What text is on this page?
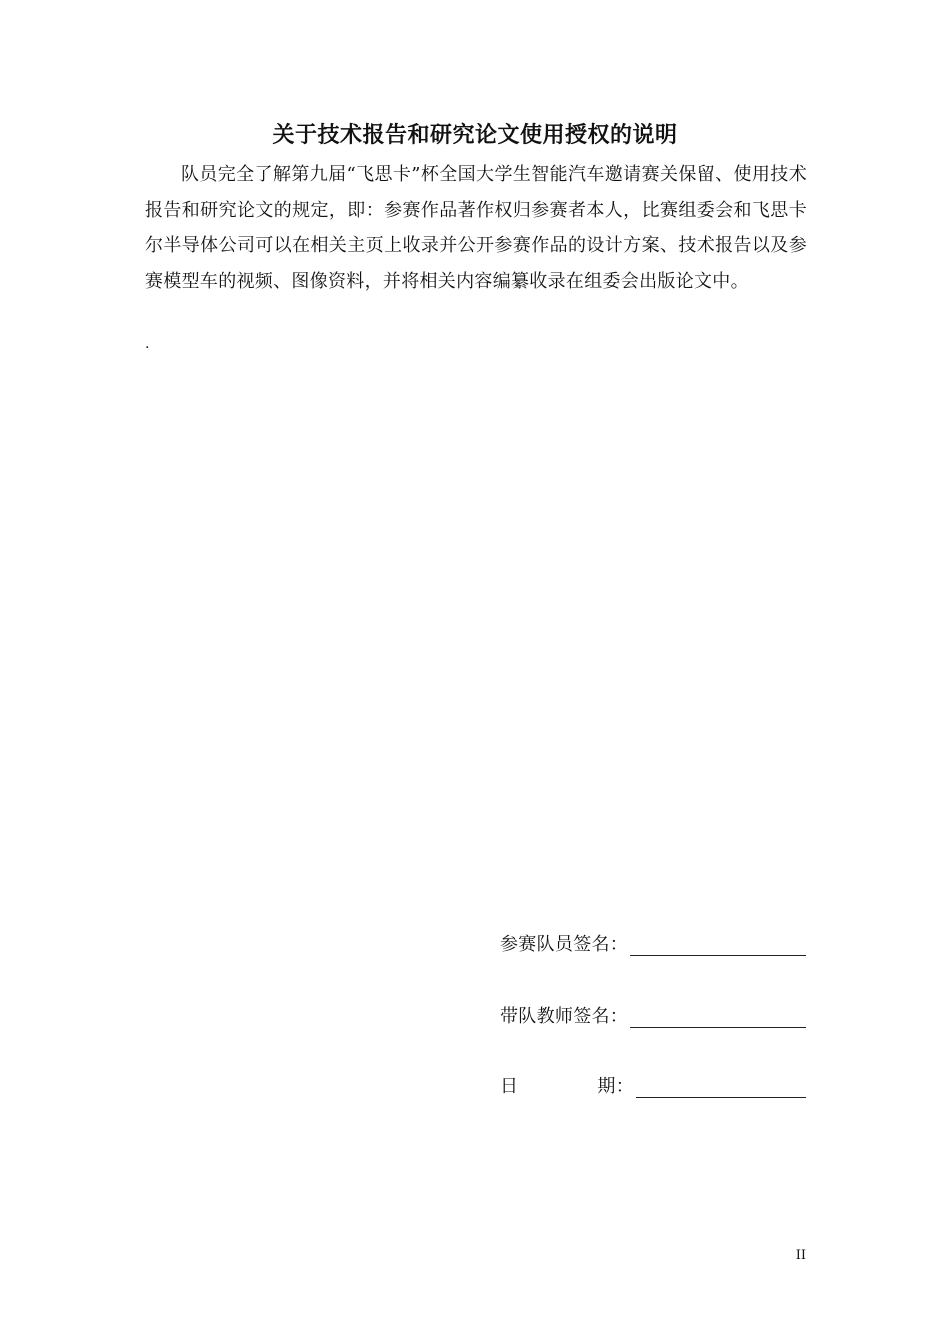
关于技术报告和研究论文使用授权的说明

队员完全了解第九届“飞思卡”杯全国大学生智能汽车邀请赛关保留、使用技术报告和研究论文的规定，即：参赛作品著作权归参赛者本人，比赛组委会和飞思卡尔半导体公司可以在相关主页上收录并公开参赛作品的设计方案、技术报告以及参赛模型车的视频、图像资料，并将相关内容编纂收录在组委会出版论文中。

.

参赛队员签名：
带队教师签名：
日	期：

II
